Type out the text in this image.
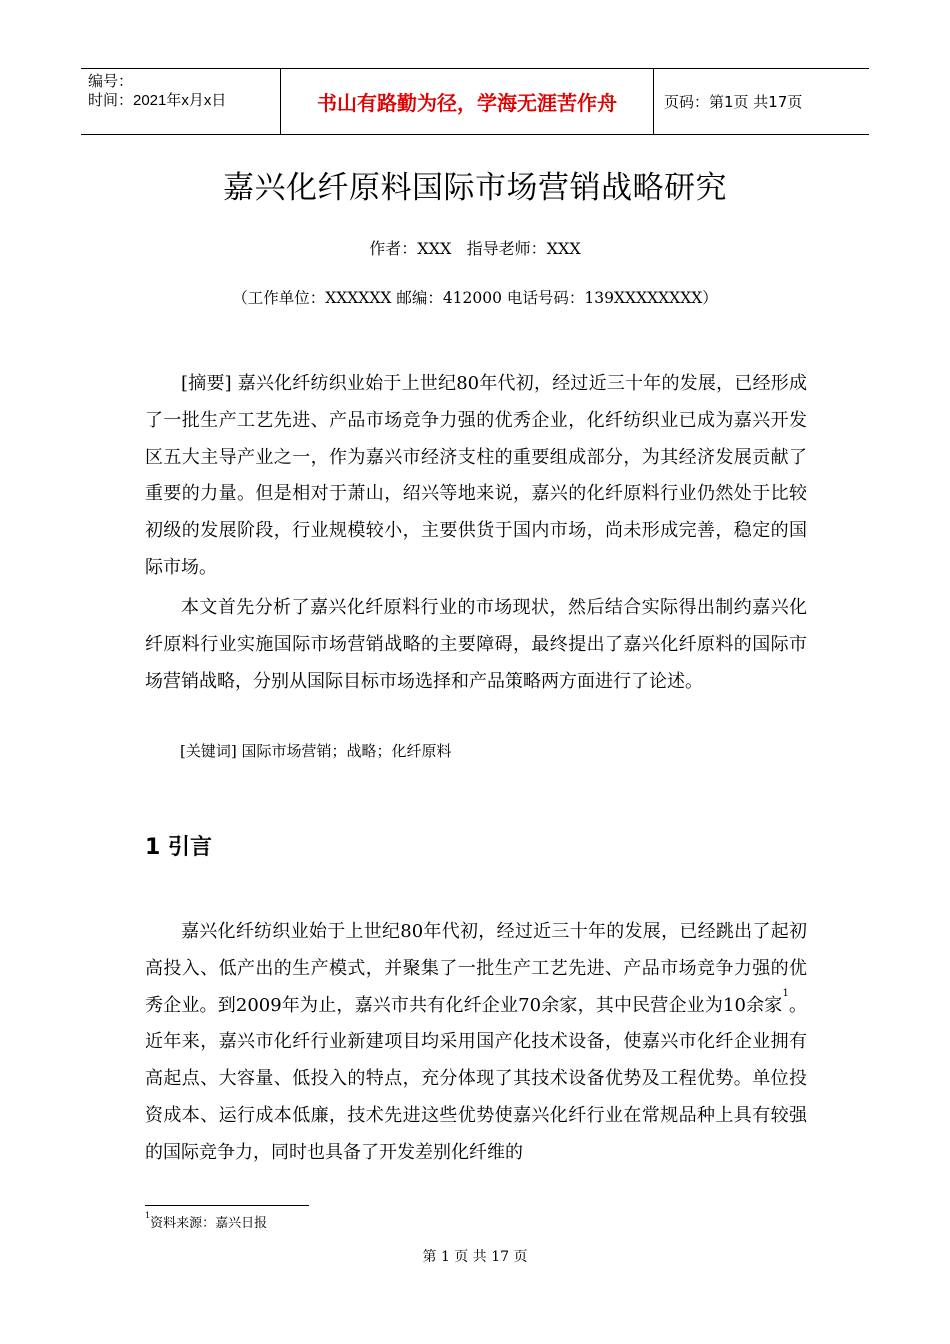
编号：
时间：2021年x月x日	书山有路勤为径，学海无涯苦作舟	页码：第1页 共17页
嘉兴化纤原料国际市场营销战略研究
作者：XXX   指导老师：XXX
（工作单位：XXXXXX 邮编：412000 电话号码：139XXXXXXXX）

[摘要] 嘉兴化纤纺织业始于上世纪80年代初，经过近三十年的发展，已经形成了一批生产工艺先进、产品市场竞争力强的优秀企业，化纤纺织业已成为嘉兴开发区五大主导产业之一，作为嘉兴市经济支柱的重要组成部分，为其经济发展贡献了重要的力量。但是相对于萧山，绍兴等地来说，嘉兴的化纤原料行业仍然处于比较初级的发展阶段，行业规模较小，主要供货于国内市场，尚未形成完善，稳定的国际市场。

本文首先分析了嘉兴化纤原料行业的市场现状，然后结合实际得出制约嘉兴化纤原料行业实施国际市场营销战略的主要障碍，最终提出了嘉兴化纤原料的国际市场营销战略，分别从国际目标市场选择和产品策略两方面进行了论述。

[关键词] 国际市场营销；战略；化纤原料
1 引言

嘉兴化纤纺织业始于上世纪80年代初，经过近三十年的发展，已经跳出了起初高投入、低产出的生产模式，并聚集了一批生产工艺先进、产品市场竞争力强的优秀企业。到2009年为止，嘉兴市共有化纤企业70余家，其中民营企业为10余家$^1$。近年来，嘉兴市化纤行业新建项目均采用国产化技术设备，使嘉兴市化纤企业拥有高起点、大容量、低投入的特点，充分体现了其技术设备优势及工程优势。单位投资成本、运行成本低廉，技术先进这些优势使嘉兴化纤行业在常规品种上具有较强的国际竞争力，同时也具备了开发差别化纤维的

$^1$资料来源：嘉兴日报
第 1 页 共 17 页
